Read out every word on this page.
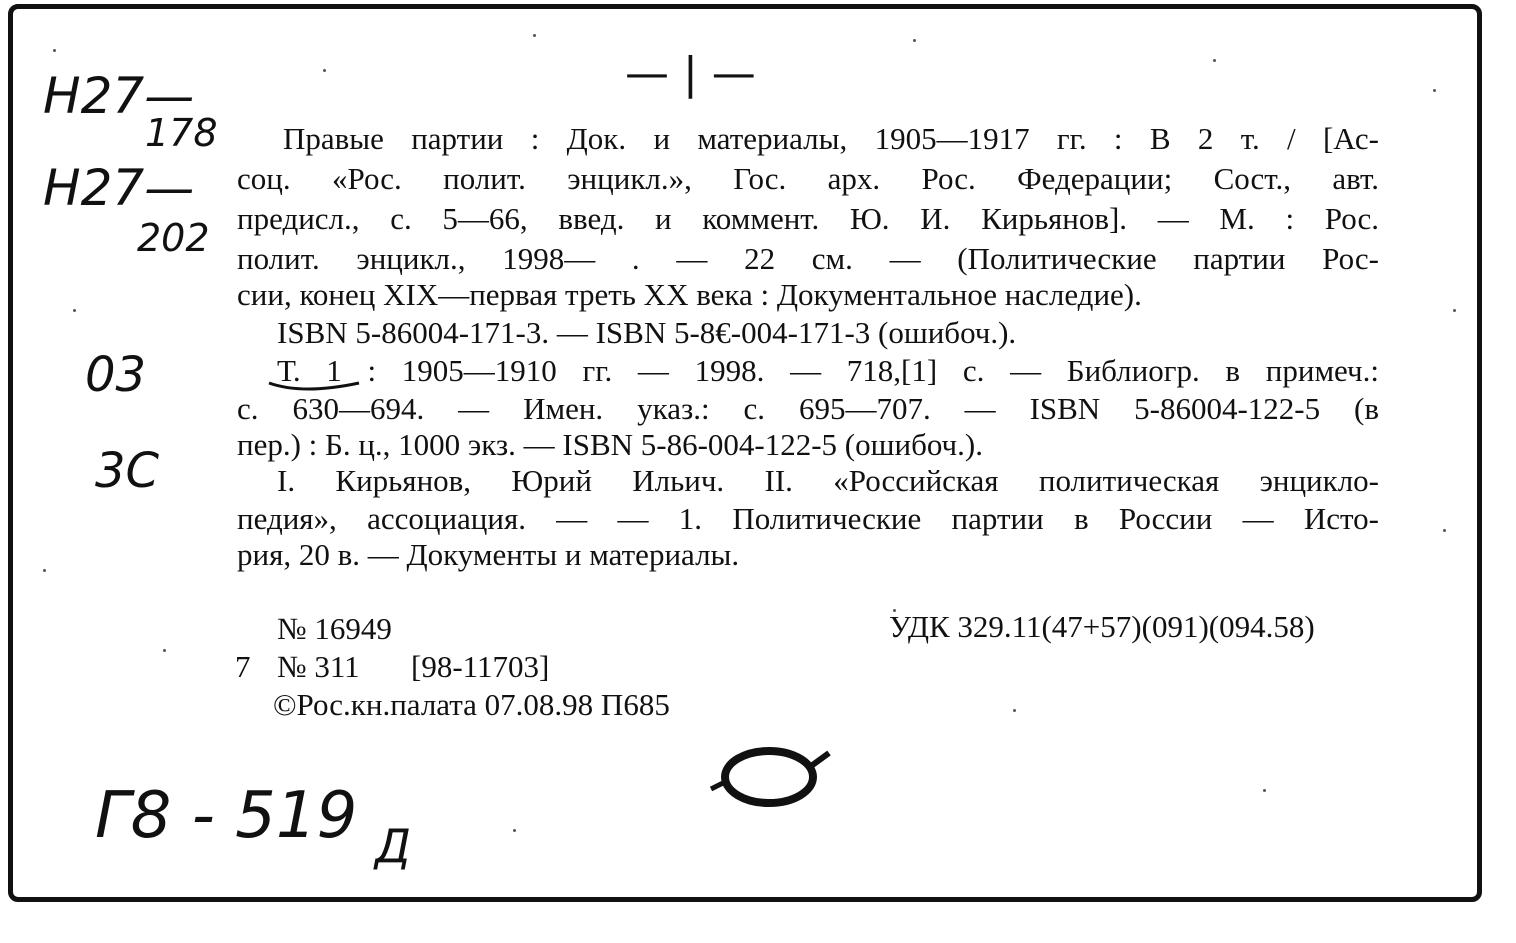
— | —
Н27—
178
Н27—
202
03
3С
Г8 - 519 Д
Правые партии : Док. и материалы, 1905—1917 гг. : В 2 т. / [Ас-
соц. «Рос. полит. энцикл.», Гос. арх. Рос. Федерации; Сост., авт.
предисл., с. 5—66, введ. и коммент. Ю. И. Кирьянов]. — М. : Рос.
полит. энцикл., 1998— . — 22 см. — (Политические партии Рос-
сии, конец XIX—первая треть XX века : Документальное наследие).
ISBN 5-86004-171-3. — ISBN 5-8€-004-171-3 (ошибоч.).
Т. 1 : 1905—1910 гг. — 1998. — 718,[1] с. — Библиогр. в примеч.:
с. 630—694. — Имен. указ.: с. 695—707. — ISBN 5-86004-122-5 (в
пер.) : Б. ц., 1000 экз. — ISBN 5-86-004-122-5 (ошибоч.).
I. Кирьянов, Юрий Ильич. II. «Российская политическая энцикло-
педия», ассоциация. — — 1. Политические партии в России — Исто-
рия, 20 в. — Документы и материалы.
№ 16949	УДК 329.11(47+57)(091)(094.58)
7 № 311 [98-11703]
©Рос.кн.палата 07.08.98 П685
